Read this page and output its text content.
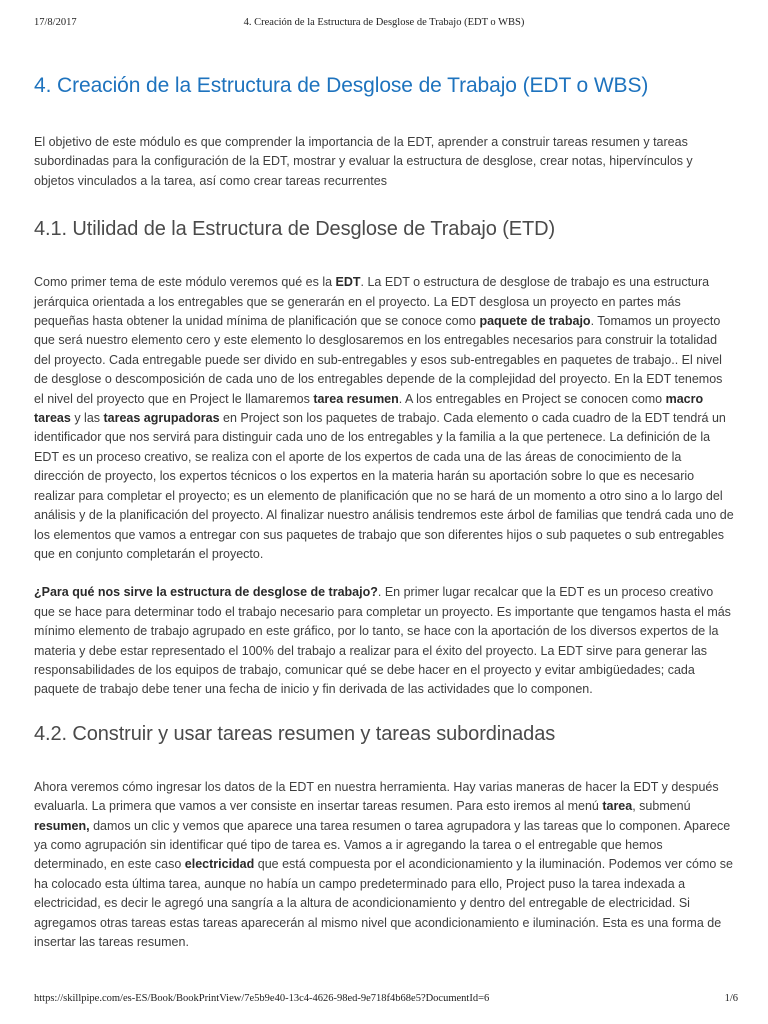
17/8/2017	4. Creación de la Estructura de Desglose de Trabajo (EDT o WBS)
4. Creación de la Estructura de Desglose de Trabajo (EDT o WBS)

El objetivo de este módulo es que comprender la importancia de la EDT, aprender a construir tareas resumen y tareas subordinadas para la configuración de la EDT, mostrar y evaluar la estructura de desglose, crear notas, hipervínculos y objetos vinculados a la tarea, así como crear tareas recurrentes

4.1. Utilidad de la Estructura de Desglose de Trabajo (ETD)

Como primer tema de este módulo veremos qué es la EDT. La EDT o estructura de desglose de trabajo es una estructura jerárquica orientada a los entregables que se generarán en el proyecto. La EDT desglosa un proyecto en partes más pequeñas hasta obtener la unidad mínima de planificación que se conoce como paquete de trabajo. Tomamos un proyecto que será nuestro elemento cero y este elemento lo desglosaremos en los entregables necesarios para construir la totalidad del proyecto. Cada entregable puede ser divido en sub-entregables y esos sub-entregables en paquetes de trabajo.. El nivel de desglose o descomposición de cada uno de los entregables depende de la complejidad del proyecto. En la EDT tenemos el nivel del proyecto que en Project le llamaremos tarea resumen. A los entregables en Project se conocen como macro tareas y las tareas agrupadoras en Project son los paquetes de trabajo. Cada elemento o cada cuadro de la EDT tendrá un identificador que nos servirá para distinguir cada uno de los entregables y la familia a la que pertenece. La definición de la EDT es un proceso creativo, se realiza con el aporte de los expertos de cada una de las áreas de conocimiento de la dirección de proyecto, los expertos técnicos o los expertos en la materia harán su aportación sobre lo que es necesario realizar para completar el proyecto; es un elemento de planificación que no se hará de un momento a otro sino a lo largo del análisis y de la planificación del proyecto. Al finalizar nuestro análisis tendremos este árbol de familias que tendrá cada uno de los elementos que vamos a entregar con sus paquetes de trabajo que son diferentes hijos o sub paquetes o sub entregables que en conjunto completarán el proyecto.

¿Para qué nos sirve la estructura de desglose de trabajo?. En primer lugar recalcar que la EDT es un proceso creativo que se hace para determinar todo el trabajo necesario para completar un proyecto. Es importante que tengamos hasta el más mínimo elemento de trabajo agrupado en este gráfico, por lo tanto, se hace con la aportación de los diversos expertos de la materia y debe estar representado el 100% del trabajo a realizar para el éxito del proyecto. La EDT sirve para generar las responsabilidades de los equipos de trabajo, comunicar qué se debe hacer en el proyecto y evitar ambigüedades; cada paquete de trabajo debe tener una fecha de inicio y fin derivada de las actividades que lo componen.

4.2. Construir y usar tareas resumen y tareas subordinadas

Ahora veremos cómo ingresar los datos de la EDT en nuestra herramienta. Hay varias maneras de hacer la EDT y después evaluarla. La primera que vamos a ver consiste en insertar tareas resumen. Para esto iremos al menú tarea, submenú resumen, damos un clic y vemos que aparece una tarea resumen o tarea agrupadora y las tareas que lo componen. Aparece ya como agrupación sin identificar qué tipo de tarea es. Vamos a ir agregando la tarea o el entregable que hemos determinado, en este caso electricidad que está compuesta por el acondicionamiento y la iluminación. Podemos ver cómo se ha colocado esta última tarea, aunque no había un campo predeterminado para ello, Project puso la tarea indexada a electricidad, es decir le agregó una sangría a la altura de acondicionamiento y dentro del entregable de electricidad. Si agregamos otras tareas estas tareas aparecerán al mismo nivel que acondicionamiento e iluminación. Esta es una forma de insertar las tareas resumen.

https://skillpipe.com/es-ES/Book/BookPrintView/7e5b9e40-13c4-4626-98ed-9e718f4b68e5?DocumentId=6	1/6
